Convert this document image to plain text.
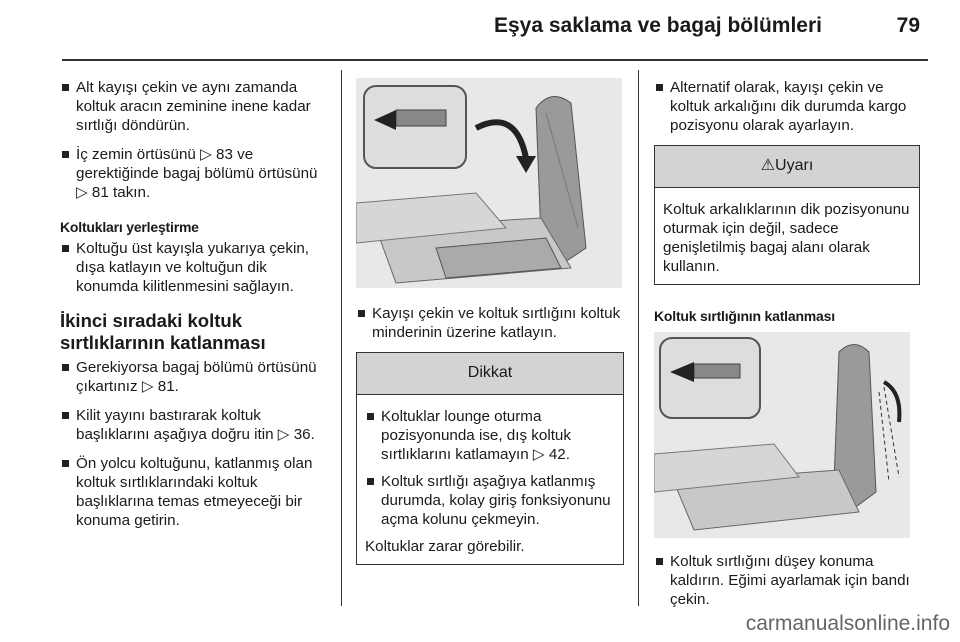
Eşya saklama ve bagaj bölümleri	79
Alt kayışı çekin ve aynı zamanda koltuk aracın zeminine inene kadar sırtlığı döndürün.
İç zemin örtüsünü ▷ 83 ve gerektiğinde bagaj bölümü örtüsünü ▷ 81 takın.
Koltukları yerleştirme
Koltuğu üst kayışla yukarıya çekin, dışa katlayın ve koltuğun dik konumda kilitlenmesini sağlayın.
İkinci sıradaki koltuk sırtlıklarının katlanması
Gerekiyorsa bagaj bölümü örtüsünü çıkartınız ▷ 81.
Kilit yayını bastırarak koltuk başlıklarını aşağıya doğru itin ▷ 36.
Ön yolcu koltuğunu, katlanmış olan koltuk sırtlıklarındaki koltuk başlıklarına temas etmeyeceği bir konuma getirin.
Kayışı çekin ve koltuk sırtlığını koltuk minderinin üzerine katlayın.
Dikkat
Koltuklar lounge oturma pozisyonunda ise, dış koltuk sırtlıklarını katlamayın ▷ 42.
Koltuk sırtlığı aşağıya katlanmış durumda, kolay giriş fonksiyonunu açma kolunu çekmeyin.

Koltuklar zarar görebilir.

Alternatif olarak, kayışı çekin ve koltuk arkalığını dik durumda kargo pozisyonu olarak ayarlayın.
⚠Uyarı

Koltuk arkalıklarının dik pozisyonunu oturmak için değil, sadece genişletilmiş bagaj alanı olarak kullanın.

Koltuk sırtlığının katlanması
Koltuk sırtlığını düşey konuma kaldırın. Eğimi ayarlamak için bandı çekin.
carmanualsonline.info
